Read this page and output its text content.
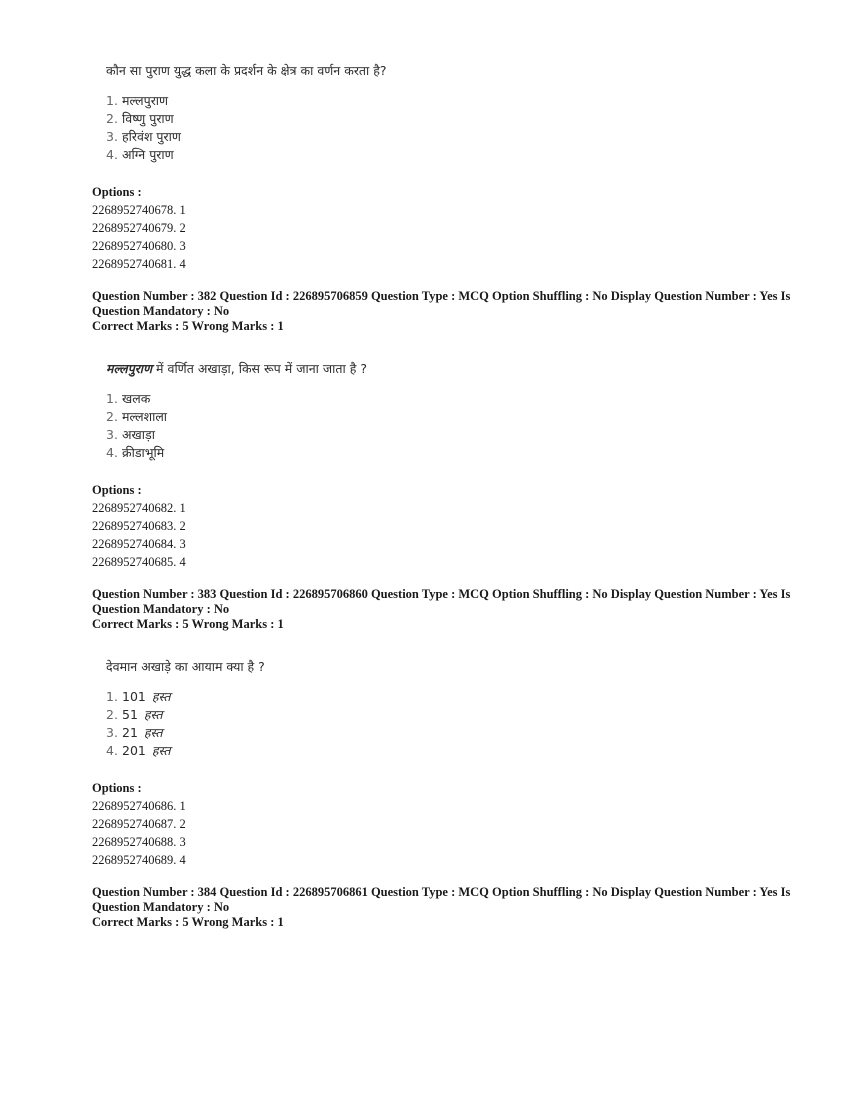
कौन सा पुराण युद्ध कला के प्रदर्शन के क्षेत्र का वर्णन करता है?
1. मल्लपुराण
2. विष्णु पुराण
3. हरिवंश पुराण
4. अग्नि पुराण
Options :
2268952740678. 1
2268952740679. 2
2268952740680. 3
2268952740681. 4
Question Number : 382 Question Id : 226895706859 Question Type : MCQ Option Shuffling : No Display Question Number : Yes Is
Question Mandatory : No
Correct Marks : 5 Wrong Marks : 1
मल्लपुराण में वर्णित अखाड़ा, किस रूप में जाना जाता है ?
1. खलक
2. मल्लशाला
3. अखाड़ा
4. क्रीडाभूमि
Options :
2268952740682. 1
2268952740683. 2
2268952740684. 3
2268952740685. 4
Question Number : 383 Question Id : 226895706860 Question Type : MCQ Option Shuffling : No Display Question Number : Yes Is
Question Mandatory : No
Correct Marks : 5 Wrong Marks : 1
देवमान अखाड़े का आयाम क्या है ?
1. 101 हस्त
2. 51 हस्त
3. 21 हस्त
4. 201 हस्त
Options :
2268952740686. 1
2268952740687. 2
2268952740688. 3
2268952740689. 4
Question Number : 384 Question Id : 226895706861 Question Type : MCQ Option Shuffling : No Display Question Number : Yes Is
Question Mandatory : No
Correct Marks : 5 Wrong Marks : 1
